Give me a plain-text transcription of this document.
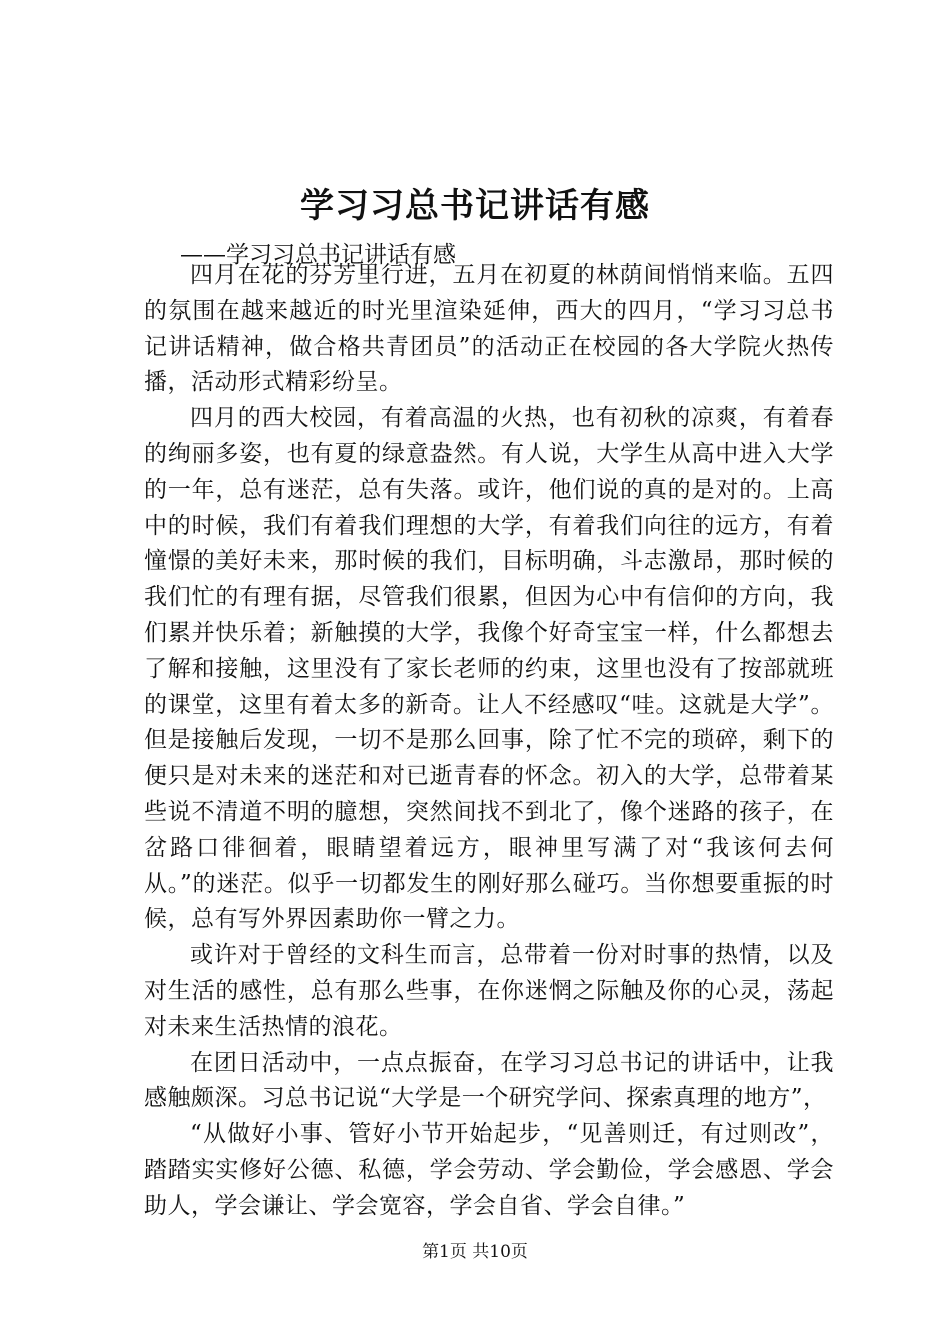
学习习总书记讲话有感
——学习习总书记讲话有感

四月在花的芬芳里行进，五月在初夏的林荫间悄悄来临。五四的氛围在越来越近的时光里渲染延伸，西大的四月，“学习习总书记讲话精神，做合格共青团员”的活动正在校园的各大学院火热传播，活动形式精彩纷呈。

四月的西大校园，有着高温的火热，也有初秋的凉爽，有着春的绚丽多姿，也有夏的绿意盎然。有人说，大学生从高中进入大学的一年，总有迷茫，总有失落。或许，他们说的真的是对的。上高中的时候，我们有着我们理想的大学，有着我们向往的远方，有着憧憬的美好未来，那时候的我们，目标明确，斗志激昂，那时候的我们忙的有理有据，尽管我们很累，但因为心中有信仰的方向，我们累并快乐着；新触摸的大学，我像个好奇宝宝一样，什么都想去了解和接触，这里没有了家长老师的约束，这里也没有了按部就班的课堂，这里有着太多的新奇。让人不经感叹“哇。这就是大学”。但是接触后发现，一切不是那么回事，除了忙不完的琐碎，剩下的便只是对未来的迷茫和对已逝青春的怀念。初入的大学，总带着某些说不清道不明的臆想，突然间找不到北了，像个迷路的孩子，在岔路口徘徊着，眼睛望着远方，眼神里写满了对“我该何去何从。”的迷茫。似乎一切都发生的刚好那么碰巧。当你想要重振的时候，总有写外界因素助你一臂之力。

或许对于曾经的文科生而言，总带着一份对时事的热情，以及对生活的感性，总有那么些事，在你迷惘之际触及你的心灵，荡起对未来生活热情的浪花。

在团日活动中，一点点振奋，在学习习总书记的讲话中，让我感触颇深。习总书记说“大学是一个研究学问、探索真理的地方”，

“从做好小事、管好小节开始起步，“见善则迁，有过则改”，踏踏实实修好公德、私德，学会劳动、学会勤俭，学会感恩、学会助人，学会谦让、学会宽容，学会自省、学会自律。”

第1页 共10页
